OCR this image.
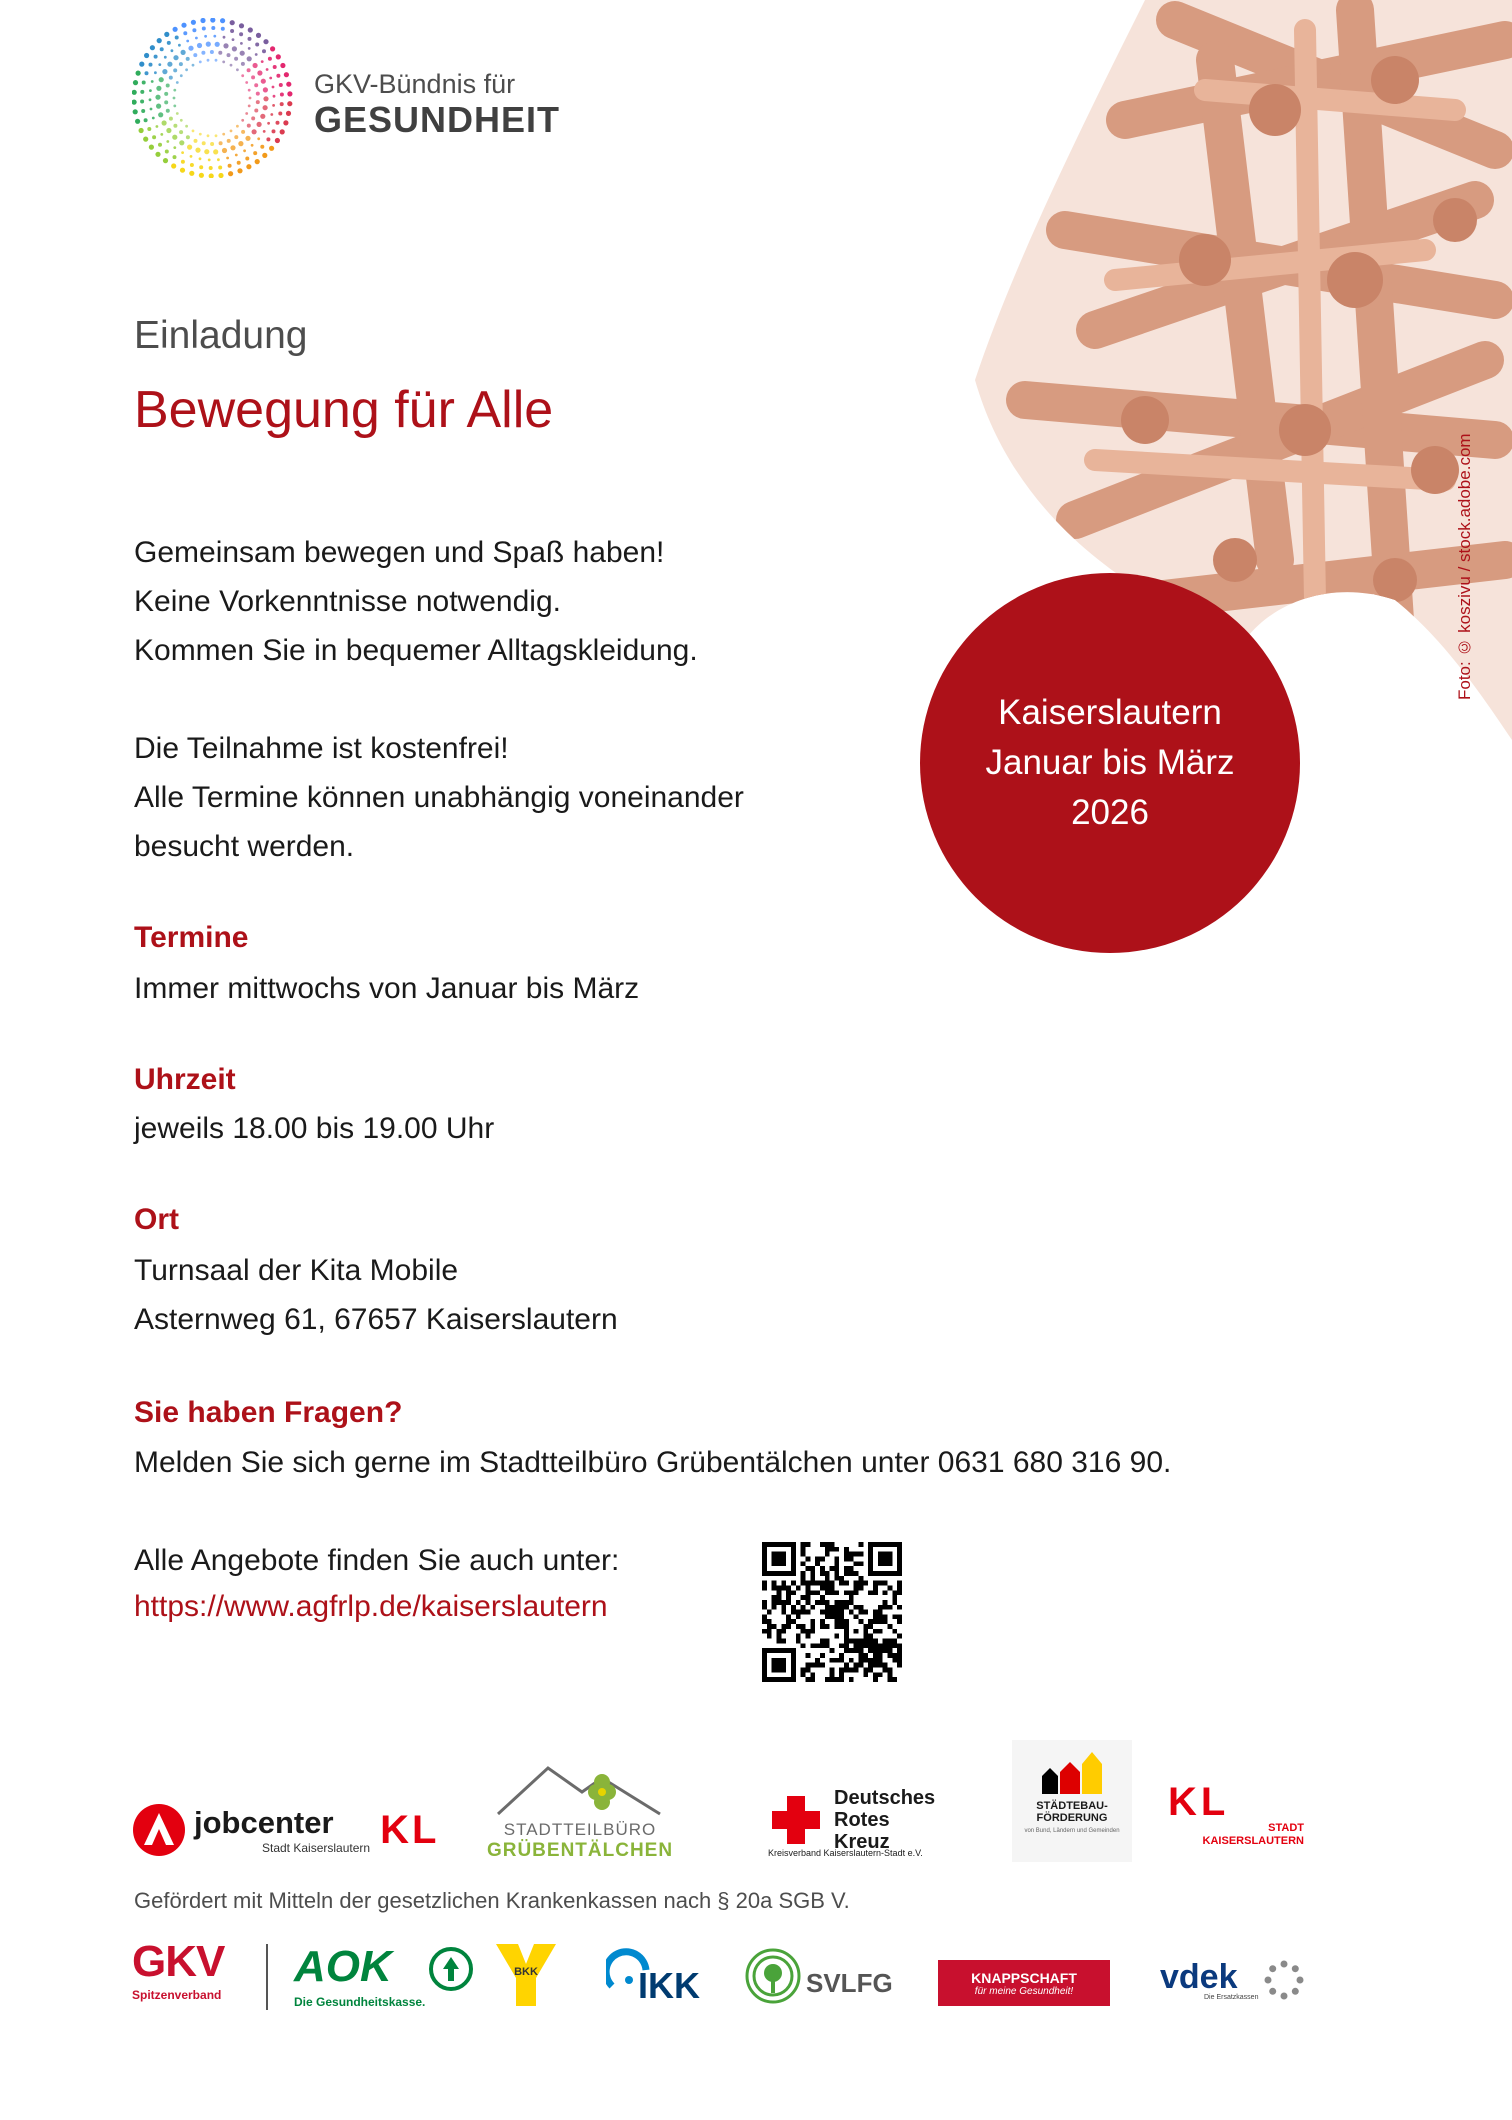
GKV-Bündnis für
GESUNDHEIT
Foto: © koszivu / stock.adobe.com
Kaiserslautern
Januar bis März
2026
Einladung
Bewegung für Alle
Gemeinsam bewegen und Spaß haben!
Keine Vorkenntnisse notwendig.
Kommen Sie in bequemer Alltagskleidung.
Die Teilnahme ist kostenfrei!
Alle Termine können unabhängig voneinander
besucht werden.
Termine
Immer mittwochs von Januar bis März
Uhrzeit
jeweils 18.00 bis 19.00 Uhr
Ort
Turnsaal der Kita Mobile
Asternweg 61, 67657 Kaiserslautern
Sie haben Fragen?
Melden Sie sich gerne im Stadtteilbüro Grübentälchen unter 0631 680 316 90.
Alle Angebote finden Sie auch unter:
https://www.agfrlp.de/kaiserslautern
jobcenter
Stadt Kaiserslautern KL	STADTTEILBÜRO
GRÜBENTÄLCHEN
Deutsches
Rotes
Kreuz
Kreisverband Kaiserslautern-Stadt e.V.
STÄDTEBAU-
FÖRDERUNG
von Bund, Ländern und Gemeinden
KL
STADT
KAISERSLAUTERN
Gefördert mit Mitteln der gesetzlichen Krankenkassen nach § 20a SGB V.
GKV
Spitzenverband
AOK
Die Gesundheitskasse.
BKK	IKK	SVLFG	KNAPPSCHAFT
für meine Gesundheit!	vdek
Die Ersatzkassen
